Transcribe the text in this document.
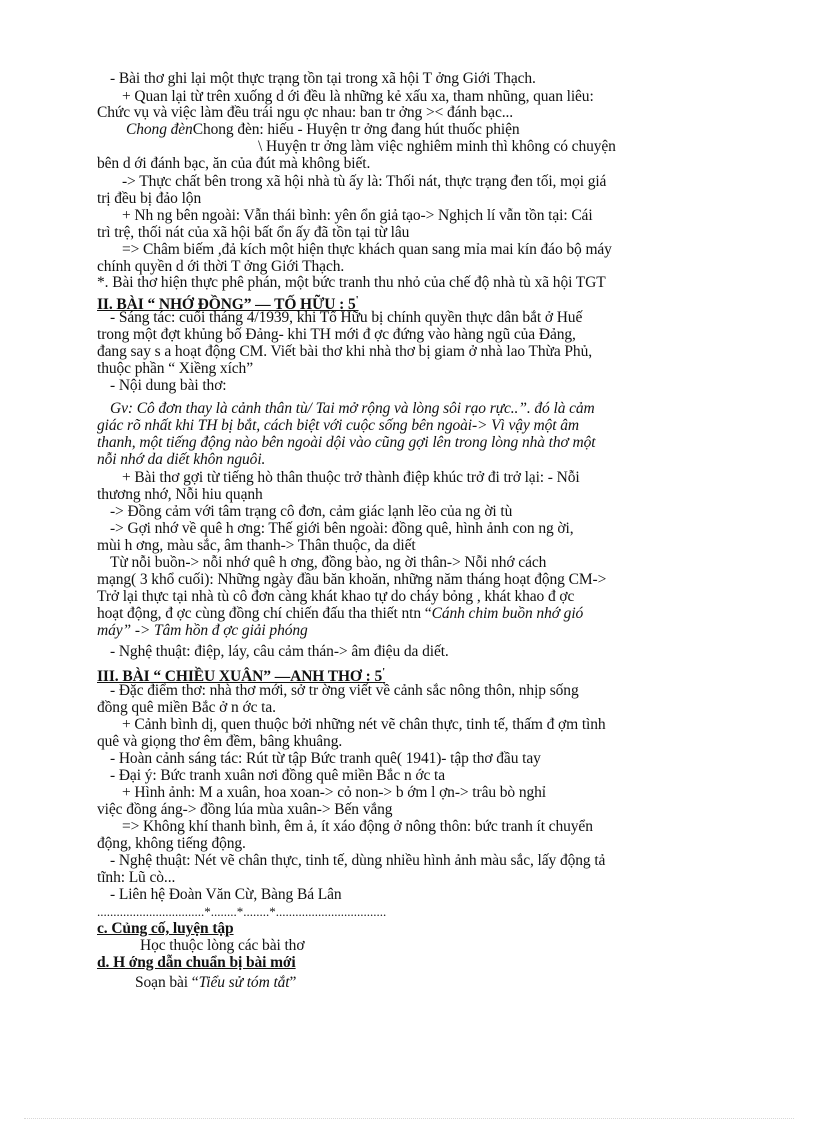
- Bài thơ ghi lại một thực trạng tồn tại trong xã hội T ởng Giới Thạch.
+ Quan lại từ trên xuống d ới đều là những kẻ xấu xa, tham nhũng, quan liêu:
Chức vụ và việc làm đều trái ngu ợc nhau: ban tr ởng >< đánh bạc...
Chong đènChong đèn: hiếu - Huyện tr ởng đang hút thuốc phiện
\ Huyện tr ởng làm việc nghiêm minh thì không có chuyện
bên d ới đánh bạc, ăn của đút mà không biết.
-> Thực chất bên trong xã hội nhà tù ấy là: Thối nát, thực trạng đen tối, mọi giá
trị đều bị đảo lộn
+ Nh ng bên ngoài: Vẫn thái bình: yên ổn giả tạo-> Nghịch lí vẫn tồn tại: Cái
trì trệ, thối nát của xã hội bất ổn ấy đã tồn tại từ lâu
=> Châm biếm ,đả kích một hiện thực khách quan sang mỉa mai kín đáo bộ máy
chính quyền d ới thời T ởng Giới Thạch.
*. Bài thơ hiện thực phê phán, một bức tranh thu nhỏ của chế độ nhà tù xã hội TGT
II. BÀI “ NHỚ ĐỒNG” — TỐ HỮU : 5'
- Sáng tác: cuối tháng 4/1939, khi Tố Hữu bị chính quyền thực dân bắt ở Huế
trong một đợt khủng bố Đảng- khi TH mới đ ợc đứng vào hàng ngũ của Đảng,
đang say s a hoạt động CM. Viết bài thơ khi nhà thơ bị giam ở nhà lao Thừa Phủ,
thuộc phần “ Xiềng xích”
- Nội dung bài thơ:
Gv: Cô đơn thay là cảnh thân tù/ Tai mở rộng và lòng sôi rạo rực..”. đó là cảm
giác rõ nhất khi TH bị bắt, cách biệt với cuộc sống bên ngoài-> Vì vậy một âm
thanh, một tiếng động nào bên ngoài dội vào cũng gợi lên trong lòng nhà thơ một
nỗi nhớ da diết khôn nguôi.
+ Bài thơ gợi từ tiếng hò thân thuộc trở thành điệp khúc trở đi trở lại: - Nỗi
thương nhớ, Nỗi hiu quạnh
-> Đồng cảm với tâm trạng cô đơn, cảm giác lạnh lẽo của ng ời tù
-> Gợi nhớ về quê h ơng: Thế giới bên ngoài: đồng quê, hình ảnh con ng ời,
mùi h ơng, màu sắc, âm thanh-> Thân thuộc, da diết
Từ nỗi buồn-> nỗi nhớ quê h ơng, đồng bào, ng ời thân-> Nỗi nhớ cách
mạng( 3 khổ cuối): Những ngày đầu băn khoăn, những năm tháng hoạt động CM->
Trở lại thực tại nhà tù cô đơn càng khát khao tự do cháy bỏng , khát khao đ ợc
hoạt động, đ ợc cùng đồng chí chiến đấu tha thiết ntn “Cánh chim buồn nhớ gió
máy” -> Tâm hồn đ ợc giải phóng
- Nghệ thuật: điệp, láy, câu cảm thán-> âm điệu da diết.
III. BÀI “ CHIỀU XUÂN” —ANH THƠ : 5'
- Đặc điểm thơ: nhà thơ mới, sở tr ờng viết về cảnh sắc nông thôn, nhịp sống
đồng quê miền Bắc ở n ớc ta.
+ Cảnh bình dị, quen thuộc bởi những nét vẽ chân thực, tinh tế, thấm đ ợm tình
quê và giọng thơ êm đềm, bâng khuâng.
- Hoàn cảnh sáng tác: Rút từ tập Bức tranh quê( 1941)- tập thơ đầu tay
- Đại ý: Bức tranh xuân nơi đồng quê miền Bắc n ớc ta
+ Hình ảnh: M a xuân, hoa xoan-> cỏ non-> b ớm l ợn-> trâu bò nghỉ
việc đồng áng-> đồng lúa mùa xuân-> Bến vắng
=> Không khí thanh bình, êm ả, ít xáo động ở nông thôn: bức tranh ít chuyển
động, không tiếng động.
- Nghệ thuật: Nét vẽ chân thực, tinh tế, dùng nhiều hình ảnh màu sắc, lấy động tả
tĩnh: Lũ cò...
- Liên hệ Đoàn Văn Cừ, Bàng Bá Lân
.................................*........*........*..................................
c. Củng cố, luyện tập
Học thuộc lòng các bài thơ
d. H ớng dẫn chuẩn bị bài mới
Soạn bài “Tiểu sử tóm tắt”
